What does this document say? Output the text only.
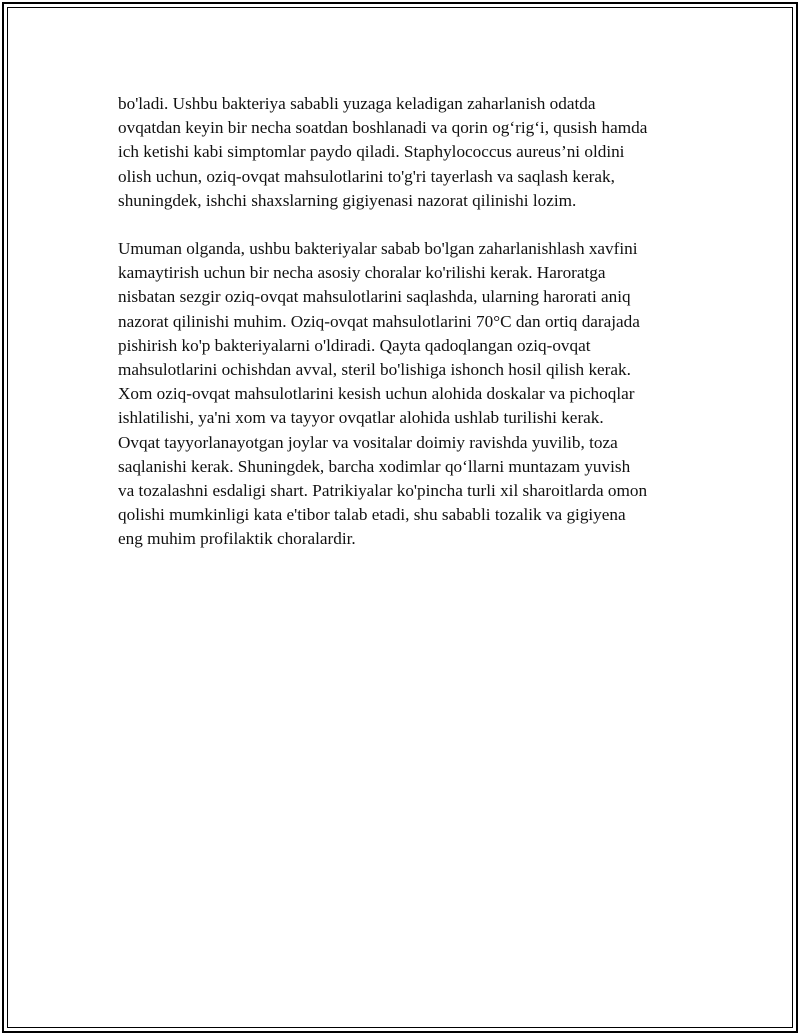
bo'ladi. Ushbu bakteriya sababli yuzaga keladigan zaharlanish odatda
ovqatdan keyin bir necha soatdan boshlanadi va qorin og‘rig‘i, qusish hamda
ich ketishi kabi simptomlar paydo qiladi. Staphylococcus aureus’ni oldini
olish uchun, oziq-ovqat mahsulotlarini to'g'ri tayerlash va saqlash kerak,
shuningdek, ishchi shaxslarning gigiyenasi nazorat qilinishi lozim.

Umuman olganda, ushbu bakteriyalar sabab bo'lgan zaharlanishlash xavfini
kamaytirish uchun bir necha asosiy choralar ko'rilishi kerak. Haroratga
nisbatan sezgir oziq-ovqat mahsulotlarini saqlashda, ularning harorati aniq
nazorat qilinishi muhim. Oziq-ovqat mahsulotlarini 70°C dan ortiq darajada
pishirish ko'p bakteriyalarni o'ldiradi. Qayta qadoqlangan oziq-ovqat
mahsulotlarini ochishdan avval, steril bo'lishiga ishonch hosil qilish kerak.
Xom oziq-ovqat mahsulotlarini kesish uchun alohida doskalar va pichoqlar
ishlatilishi, ya'ni xom va tayyor ovqatlar alohida ushlab turilishi kerak.
Ovqat tayyorlanayotgan joylar va vositalar doimiy ravishda yuvilib, toza
saqlanishi kerak. Shuningdek, barcha xodimlar qo‘llarni muntazam yuvish
va tozalashni esdaligi shart. Patrikiyalar ko'pincha turli xil sharoitlarda omon
qolishi mumkinligi kata e'tibor talab etadi, shu sababli tozalik va gigiyena
eng muhim profilaktik choralardir.
